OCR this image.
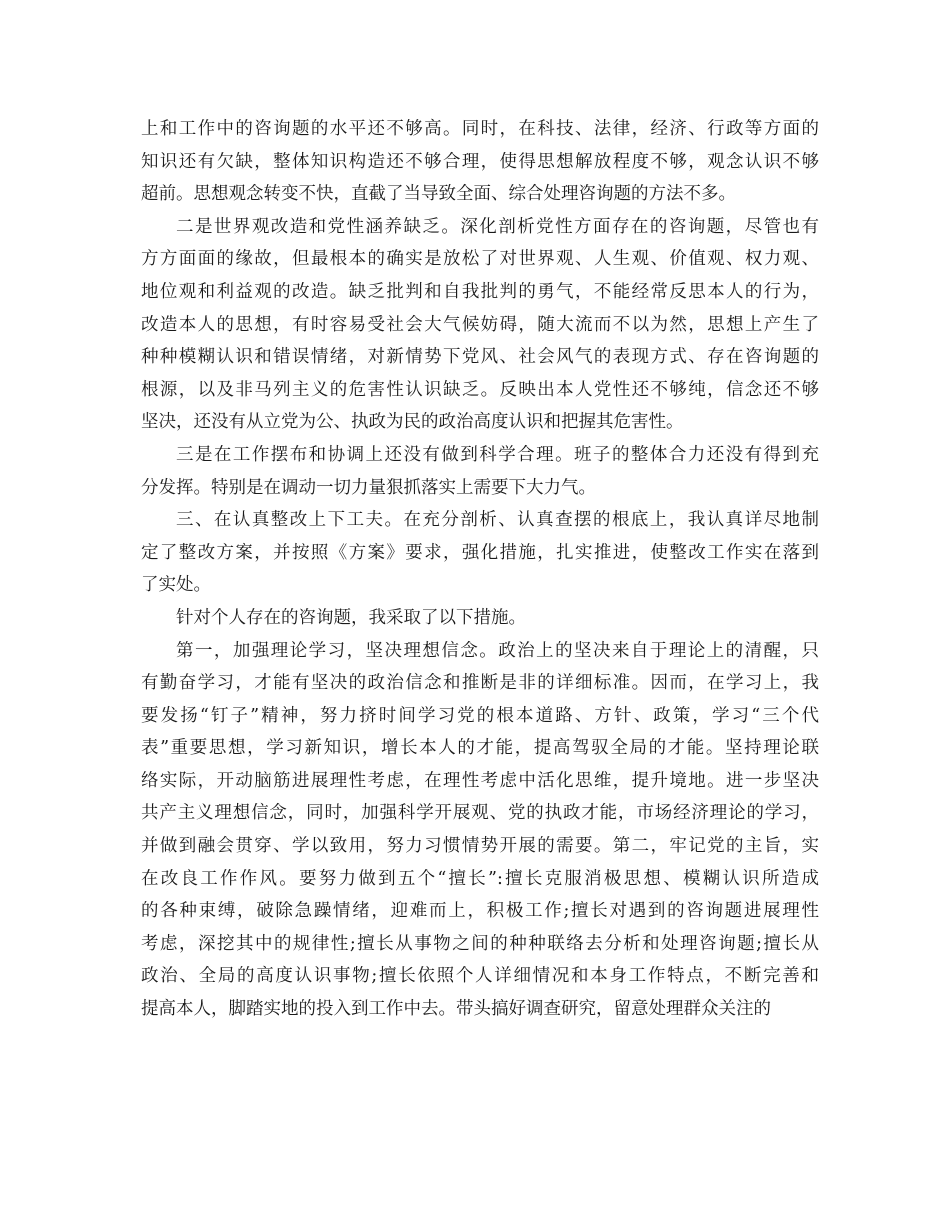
上和工作中的咨询题的水平还不够高。同时，在科技、法律，经济、行政等方面的
知识还有欠缺，整体知识构造还不够合理，使得思想解放程度不够，观念认识不够
超前。思想观念转变不快，直截了当导致全面、综合处理咨询题的方法不多。
二是世界观改造和党性涵养缺乏。深化剖析党性方面存在的咨询题，尽管也有
方方面面的缘故，但最根本的确实是放松了对世界观、人生观、价值观、权力观、
地位观和利益观的改造。缺乏批判和自我批判的勇气，不能经常反思本人的行为，
改造本人的思想，有时容易受社会大气候妨碍，随大流而不以为然，思想上产生了
种种模糊认识和错误情绪，对新情势下党风、社会风气的表现方式、存在咨询题的
根源，以及非马列主义的危害性认识缺乏。反映出本人党性还不够纯，信念还不够
坚决，还没有从立党为公、执政为民的政治高度认识和把握其危害性。
三是在工作摆布和协调上还没有做到科学合理。班子的整体合力还没有得到充
分发挥。特别是在调动一切力量狠抓落实上需要下大力气。
三、在认真整改上下工夫。在充分剖析、认真查摆的根底上，我认真详尽地制
定了整改方案，并按照《方案》要求，强化措施，扎实推进，使整改工作实在落到
了实处。
针对个人存在的咨询题，我采取了以下措施。
第一，加强理论学习，坚决理想信念。政治上的坚决来自于理论上的清醒，只
有勤奋学习，才能有坚决的政治信念和推断是非的详细标准。因而，在学习上，我
要发扬“钉子”精神，努力挤时间学习党的根本道路、方针、政策，学习“三个代
表”重要思想，学习新知识，增长本人的才能，提高驾驭全局的才能。坚持理论联
络实际，开动脑筋进展理性考虑，在理性考虑中活化思维，提升境地。进一步坚决
共产主义理想信念，同时，加强科学开展观、党的执政才能，市场经济理论的学习，
并做到融会贯穿、学以致用，努力习惯情势开展的需要。第二，牢记党的主旨，实
在改良工作作风。要努力做到五个“擅长”:擅长克服消极思想、模糊认识所造成
的各种束缚，破除急躁情绪，迎难而上，积极工作;擅长对遇到的咨询题进展理性
考虑，深挖其中的规律性;擅长从事物之间的种种联络去分析和处理咨询题;擅长从
政治、全局的高度认识事物;擅长依照个人详细情况和本身工作特点，不断完善和
提高本人，脚踏实地的投入到工作中去。带头搞好调查研究，留意处理群众关注的
